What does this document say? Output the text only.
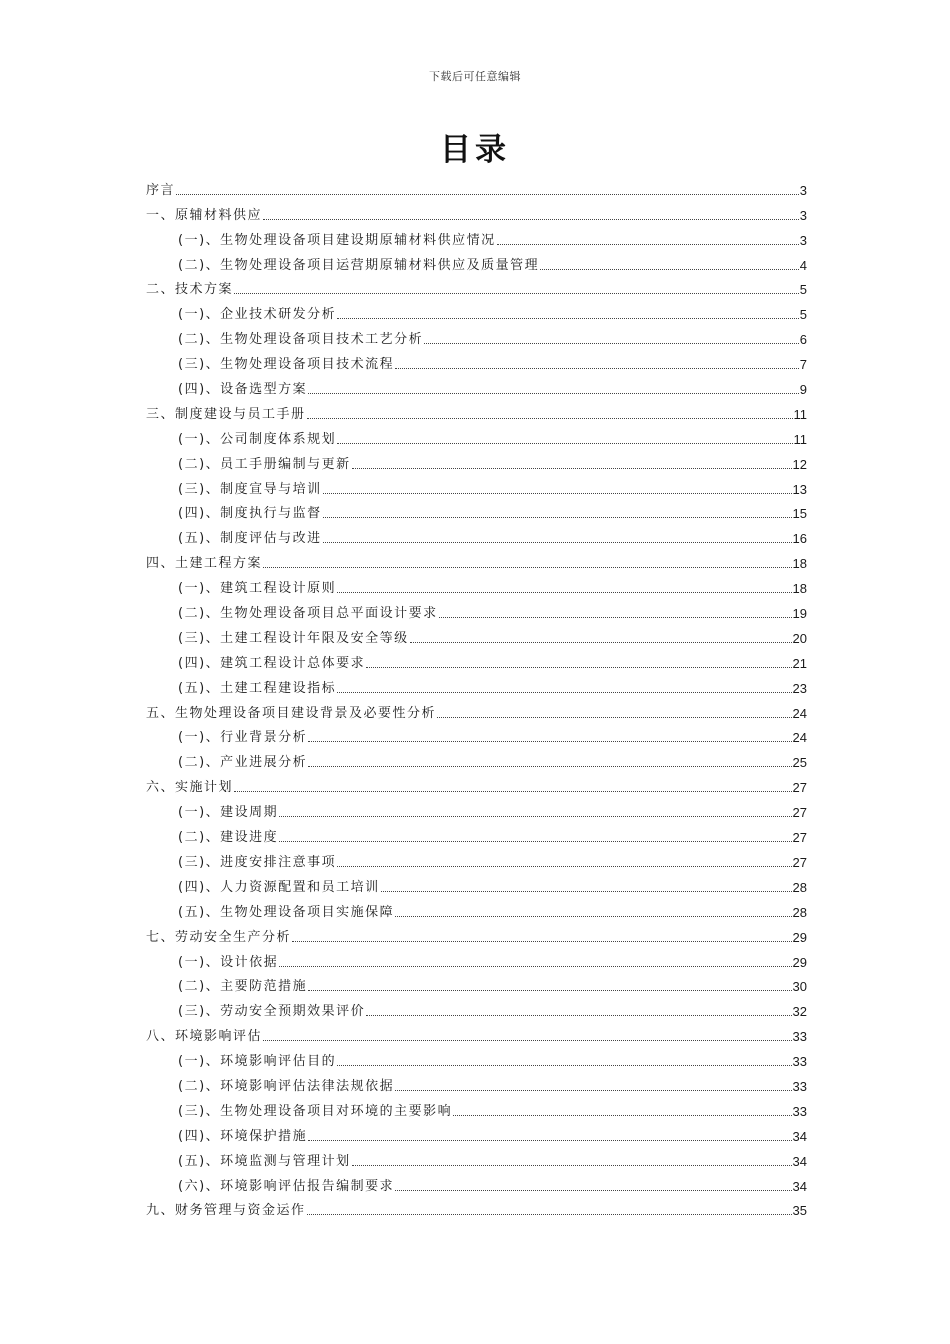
下载后可任意编辑
目录
序言	3
一、原辅材料供应	3
(一)、生物处理设备项目建设期原辅材料供应情况	3
(二)、生物处理设备项目运营期原辅材料供应及质量管理	4
二、技术方案	5
(一)、企业技术研发分析	5
(二)、生物处理设备项目技术工艺分析	6
(三)、生物处理设备项目技术流程	7
(四)、设备选型方案	9
三、制度建设与员工手册	11
(一)、公司制度体系规划	11
(二)、员工手册编制与更新	12
(三)、制度宣导与培训	13
(四)、制度执行与监督	15
(五)、制度评估与改进	16
四、土建工程方案	18
(一)、建筑工程设计原则	18
(二)、生物处理设备项目总平面设计要求	19
(三)、土建工程设计年限及安全等级	20
(四)、建筑工程设计总体要求	21
(五)、土建工程建设指标	23
五、生物处理设备项目建设背景及必要性分析	24
(一)、行业背景分析	24
(二)、产业进展分析	25
六、实施计划	27
(一)、建设周期	27
(二)、建设进度	27
(三)、进度安排注意事项	27
(四)、人力资源配置和员工培训	28
(五)、生物处理设备项目实施保障	28
七、劳动安全生产分析	29
(一)、设计依据	29
(二)、主要防范措施	30
(三)、劳动安全预期效果评价	32
八、环境影响评估	33
(一)、环境影响评估目的	33
(二)、环境影响评估法律法规依据	33
(三)、生物处理设备项目对环境的主要影响	33
(四)、环境保护措施	34
(五)、环境监测与管理计划	34
(六)、环境影响评估报告编制要求	34
九、财务管理与资金运作	35
